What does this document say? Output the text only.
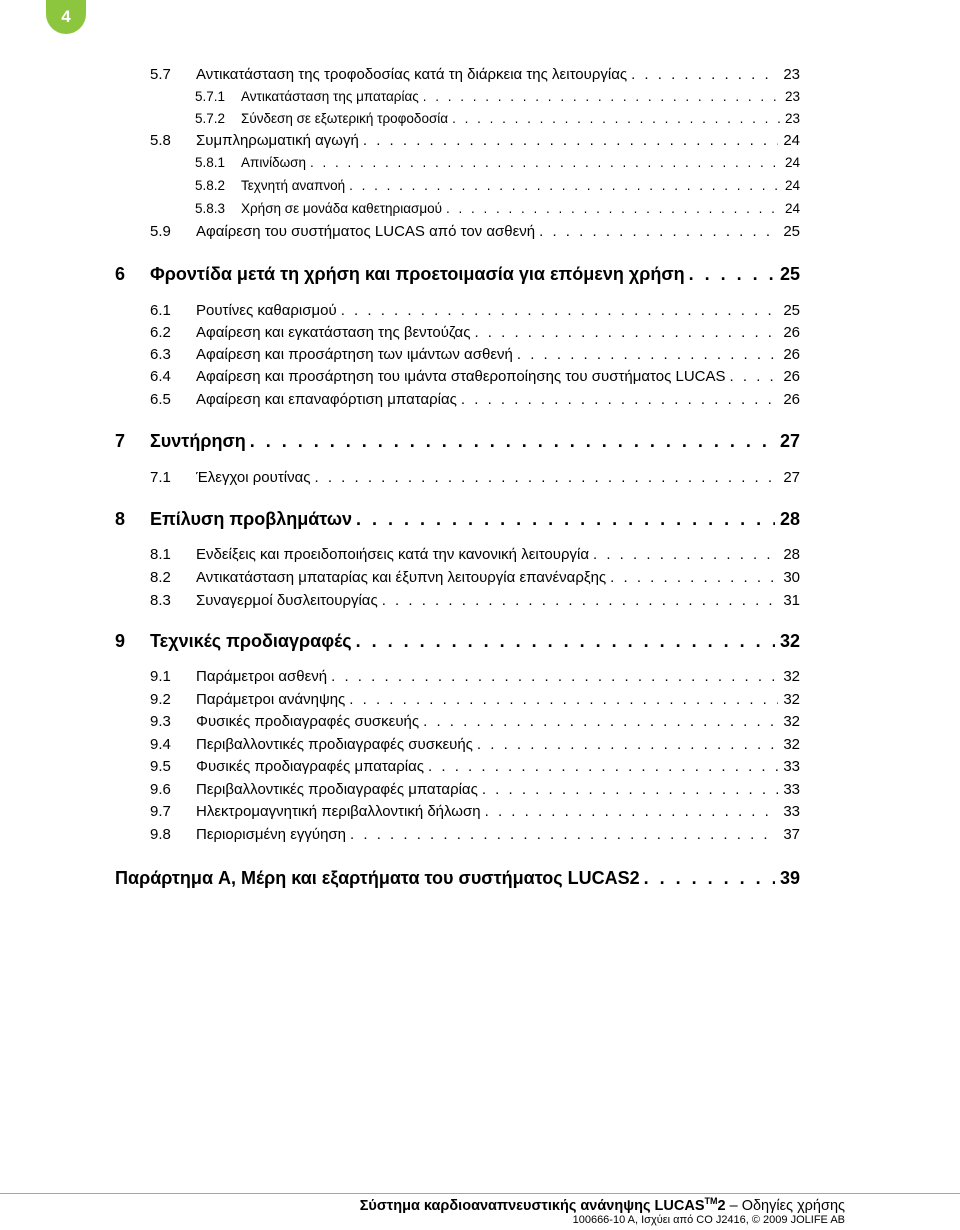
4
5.7	Αντικατάσταση της τροφοδοσίας κατά τη διάρκεια της λειτουργίας . . .	23
5.7.1	Αντικατάσταση της μπαταρίας . . .	23
5.7.2	Σύνδεση σε εξωτερική τροφοδοσία . . .	23
5.8	Συμπληρωματική αγωγή . . .	24
5.8.1	Απινίδωση . . .	24
5.8.2	Τεχνητή αναπνοή . . .	24
5.8.3	Χρήση σε μονάδα καθετηριασμού . . .	24
5.9	Αφαίρεση του συστήματος LUCAS από τον ασθενή . . .	25
6	Φροντίδα μετά τη χρήση και προετοιμασία για επόμενη χρήση . . .	25
6.1	Ρουτίνες καθαρισμού . . .	25
6.2	Αφαίρεση και εγκατάσταση της βεντούζας . . .	26
6.3	Αφαίρεση και προσάρτηση των ιμάντων ασθενή . . .	26
6.4	Αφαίρεση και προσάρτηση του ιμάντα σταθεροποίησης του συστήματος LUCAS . . .	26
6.5	Αφαίρεση και επαναφόρτιση μπαταρίας . . .	26
7	Συντήρηση . . .	27
7.1	Έλεγχοι ρουτίνας . . .	27
8	Επίλυση προβλημάτων . . .	28
8.1	Ενδείξεις και προειδοποιήσεις κατά την κανονική λειτουργία . . .	28
8.2	Αντικατάσταση μπαταρίας και έξυπνη λειτουργία επανέναρξης . . .	30
8.3	Συναγερμοί δυσλειτουργίας . . .	31
9	Τεχνικές προδιαγραφές . . .	32
9.1	Παράμετροι ασθενή . . .	32
9.2	Παράμετροι ανάνηψης . . .	32
9.3	Φυσικές προδιαγραφές συσκευής . . .	32
9.4	Περιβαλλοντικές προδιαγραφές συσκευής . . .	32
9.5	Φυσικές προδιαγραφές μπαταρίας . . .	33
9.6	Περιβαλλοντικές προδιαγραφές μπαταρίας . . .	33
9.7	Ηλεκτρομαγνητική περιβαλλοντική δήλωση . . .	33
9.8	Περιορισμένη εγγύηση . . .	37
Παράρτημα A, Μέρη και εξαρτήματα του συστήματος LUCAS2 . . .	39
Σύστημα καρδιοαναπνευστικής ανάνηψης LUCAS™2 – Οδηγίες χρήσης
100666-10 A, Ισχύει από CO J2416, © 2009 JOLIFE AB
